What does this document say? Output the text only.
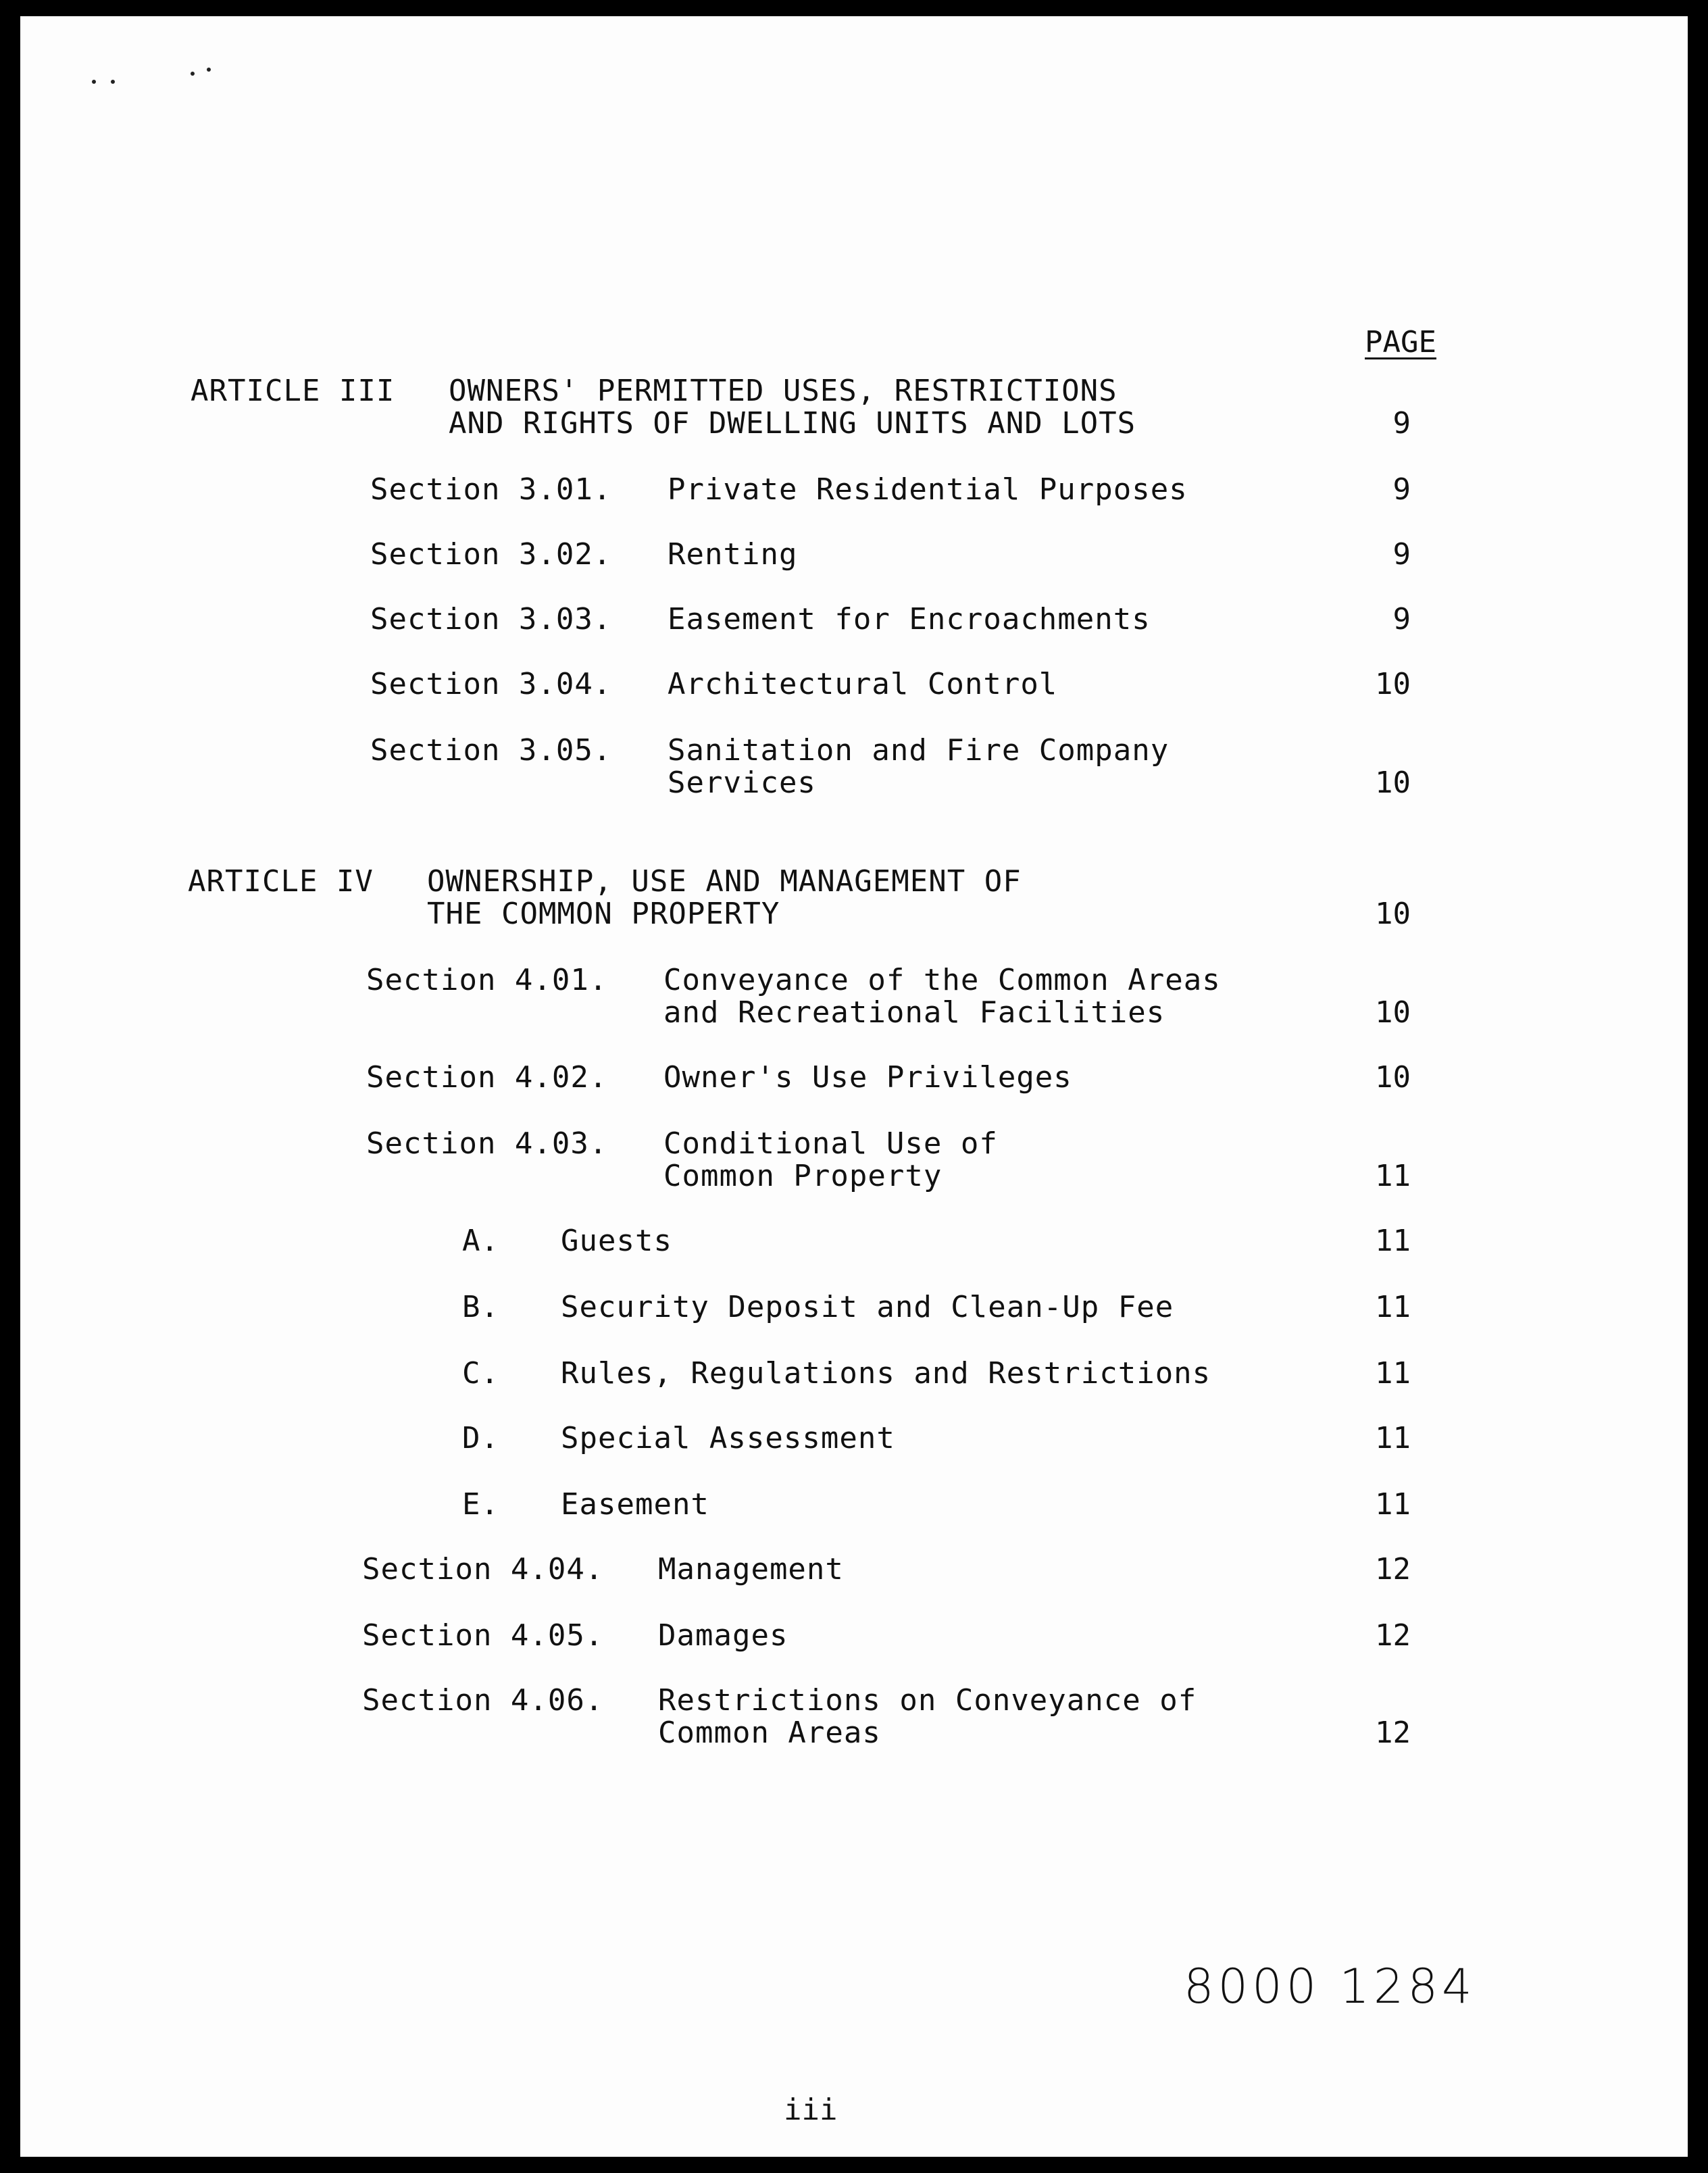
PAGE
ARTICLE III OWNERS' PERMITTED USES, RESTRICTIONS
AND RIGHTS OF DWELLING UNITS AND LOTS	9
Section 3.01. Private Residential Purposes	9
Section 3.02. Renting	9
Section 3.03. Easement for Encroachments	9
Section 3.04. Architectural Control	10
Section 3.05. Sanitation and Fire Company
Services	10
ARTICLE IV OWNERSHIP, USE AND MANAGEMENT OF
THE COMMON PROPERTY	10
Section 4.01. Conveyance of the Common Areas
and Recreational Facilities	10
Section 4.02. Owner's Use Privileges	10
Section 4.03. Conditional Use of
Common Property	11
A. Guests	11
B. Security Deposit and Clean-Up Fee	11
C. Rules, Regulations and Restrictions	11
D. Special Assessment	11
E. Easement	11
Section 4.04. Management	12
Section 4.05. Damages	12
Section 4.06. Restrictions on Conveyance of
Common Areas	12
8000 1284
iii
